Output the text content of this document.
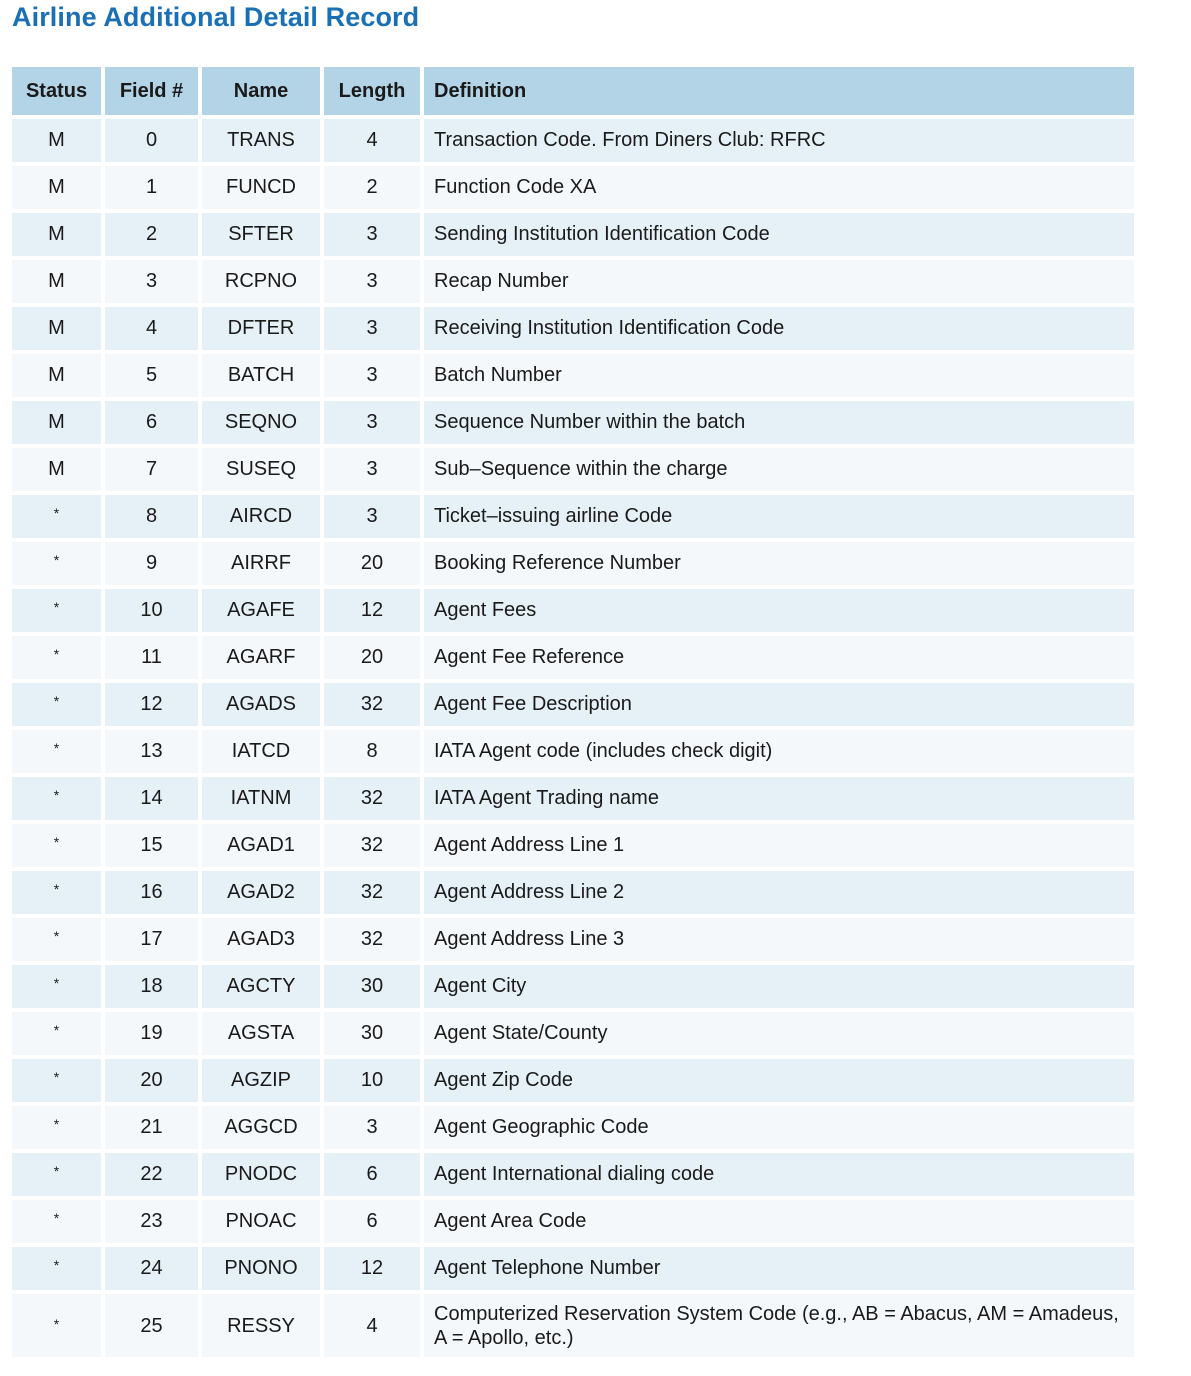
Airline Additional Detail Record
Status	Field #	Name	Length	Definition
M	0	TRANS	4	Transaction Code. From Diners Club: RFRC
M	1	FUNCD	2	Function Code XA
M	2	SFTER	3	Sending Institution Identification Code
M	3	RCPNO	3	Recap Number
M	4	DFTER	3	Receiving Institution Identification Code
M	5	BATCH	3	Batch Number
M	6	SEQNO	3	Sequence Number within the batch
M	7	SUSEQ	3	Sub–Sequence within the charge
*	8	AIRCD	3	Ticket–issuing airline Code
*	9	AIRRF	20	Booking Reference Number
*	10	AGAFE	12	Agent Fees
*	11	AGARF	20	Agent Fee Reference
*	12	AGADS	32	Agent Fee Description
*	13	IATCD	8	IATA Agent code (includes check digit)
*	14	IATNM	32	IATA Agent Trading name
*	15	AGAD1	32	Agent Address Line 1
*	16	AGAD2	32	Agent Address Line 2
*	17	AGAD3	32	Agent Address Line 3
*	18	AGCTY	30	Agent City
*	19	AGSTA	30	Agent State/County
*	20	AGZIP	10	Agent Zip Code
*	21	AGGCD	3	Agent Geographic Code
*	22	PNODC	6	Agent International dialing code
*	23	PNOAC	6	Agent Area Code
*	24	PNONO	12	Agent Telephone Number
*	25	RESSY	4	Computerized Reservation System Code (e.g., AB = Abacus, AM = Amadeus, A = Apollo, etc.)
